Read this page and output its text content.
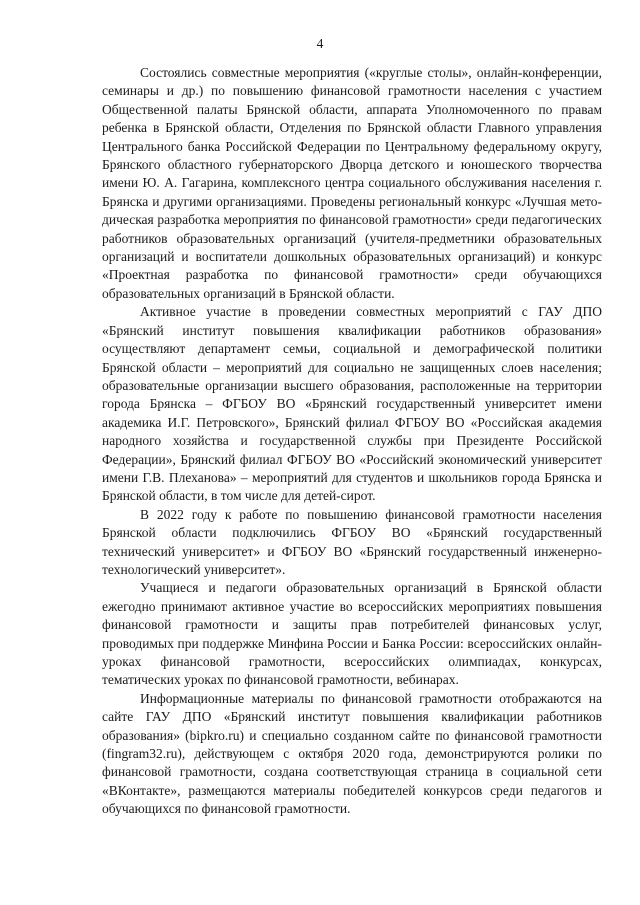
4

Состоялись совместные мероприятия («круглые столы», онлайн-конференции, семинары и др.) по повышению финансовой грамотности населения с участием Общественной палаты Брянской области, аппарата Уполномоченного по правам ребенка в Брянской области, Отделения по Брянской области Главного управления Центрального банка Российской Федерации по Центральному федеральному округу, Брянского областного губернаторского Дворца детского и юношеского творчества имени Ю. А. Гагарина, комплексного центра социального обслуживания населения г. Брянска и другими организациями. Проведены региональный конкурс «Лучшая методическая разработка мероприятия по финансовой грамотности» среди педагогических работников образовательных организаций (учителя-предметники образовательных организаций и воспитатели дошкольных образовательных организаций) и конкурс «Проектная разработка по финансовой грамотности» среди обучающихся образовательных организаций в Брянской области.

Активное участие в проведении совместных мероприятий с ГАУ ДПО «Брянский институт повышения квалификации работников образования» осуществляют департамент семьи, социальной и демографической политики Брянской области – мероприятий для социально не защищенных слоев населения; образовательные организации высшего образования, расположенные на территории города Брянска – ФГБОУ ВО «Брянский государственный университет имени академика И.Г. Петровского», Брянский филиал ФГБОУ ВО «Российская академия народного хозяйства и государственной службы при Президенте Российской Федерации», Брянский филиал ФГБОУ ВО «Российский экономический университет имени Г.В. Плеханова» – мероприятий для студентов и школьников города Брянска и Брянской области, в том числе для детей-сирот.

В 2022 году к работе по повышению финансовой грамотности населения Брянской области подключились ФГБОУ ВО «Брянский государственный технический университет» и ФГБОУ ВО «Брянский государственный инженерно-технологический университет».

Учащиеся и педагоги образовательных организаций в Брянской области ежегодно принимают активное участие во всероссийских мероприятиях повышения финансовой грамотности и защиты прав потребителей финансовых услуг, проводимых при поддержке Минфина России и Банка России: всероссийских онлайн-уроках финансовой грамотности, всероссийских олимпиадах, конкурсах, тематических уроках по финансовой грамотности, вебинарах.

Информационные материалы по финансовой грамотности отображаются на сайте ГАУ ДПО «Брянский институт повышения квалификации работников образования» (bipkro.ru) и специально созданном сайте по финансовой грамотности (fingram32.ru), действующем с октября 2020 года, демонстрируются ролики по финансовой грамотности, создана соответствующая страница в социальной сети «ВКонтакте», размещаются материалы победителей конкурсов среди педагогов и обучающихся по финансовой грамотности.
